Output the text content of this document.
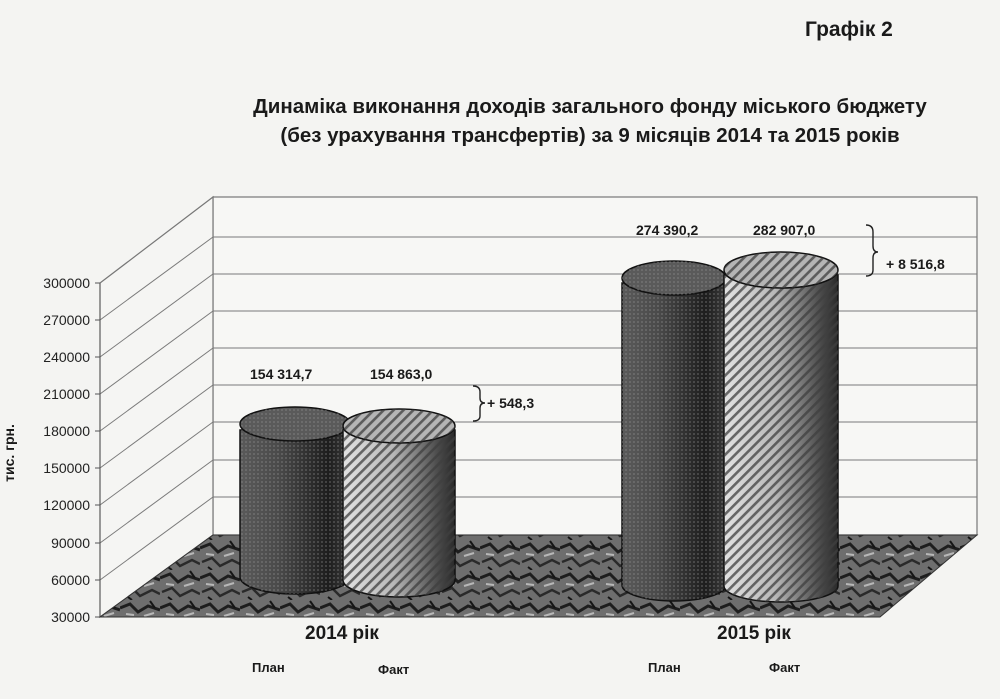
Графік 2
Динаміка виконання доходів загального фонду міського бюджету
(без урахування трансфертів) за 9 місяців 2014 та 2015 років
300000
270000
240000
210000
180000
150000
120000
90000
60000
30000
тис. грн.
154 314,7	154 863,0
+ 548,3
274 390,2	282 907,0
+ 8 516,8
2014 рік	2015 рік
План	Факт	План	Факт
